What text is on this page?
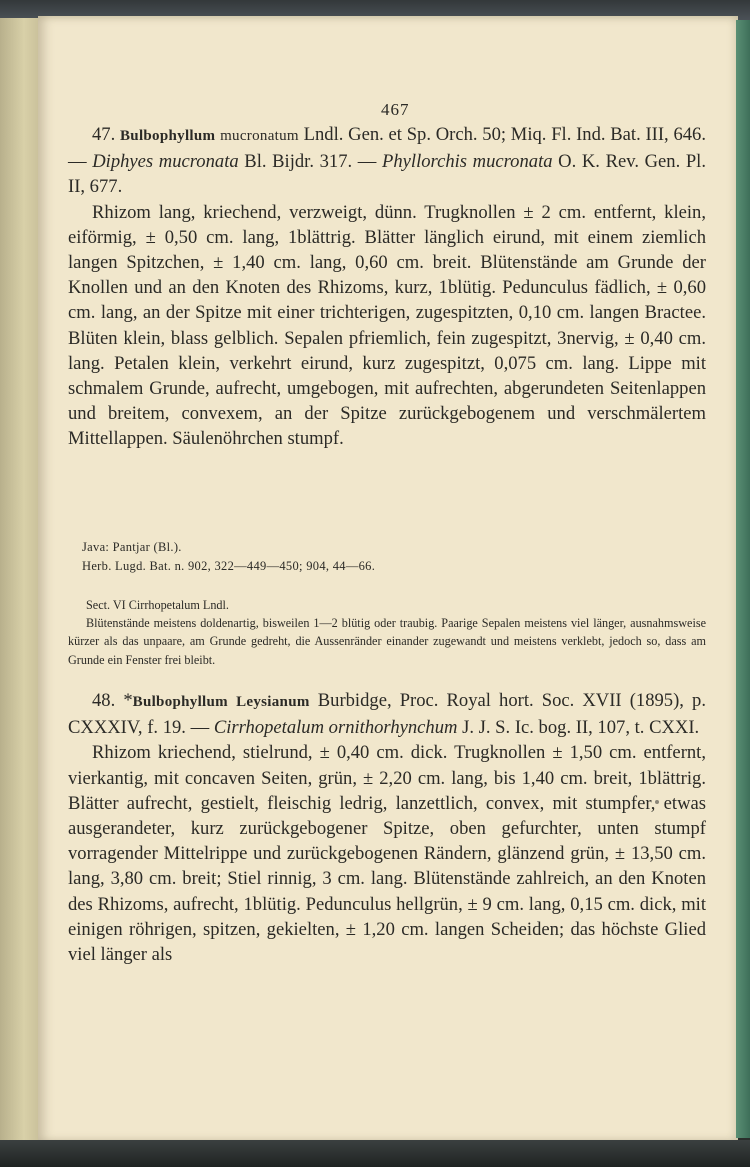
467

47. Bulbophyllum mucronatum Lndl. Gen. et Sp. Orch. 50; Miq. Fl. Ind. Bat. III, 646. — Diphyes mucronata Bl. Bijdr. 317. — Phyllorchis mucronata O. K. Rev. Gen. Pl. II, 677.

Rhizom lang, kriechend, verzweigt, dünn. Trugknollen ± 2 cm. entfernt, klein, eiförmig, ± 0,50 cm. lang, 1blättrig. Blätter länglich eirund, mit einem ziemlich langen Spitzchen, ± 1,40 cm. lang, 0,60 cm. breit. Blütenstände am Grunde der Knollen und an den Knoten des Rhizoms, kurz, 1blütig. Pedunculus fädlich, ± 0,60 cm. lang, an der Spitze mit einer trichterigen, zugespitzten, 0,10 cm. langen Bractee. Blüten klein, blass gelblich. Sepalen pfriemlich, fein zugespitzt, 3nervig, ± 0,40 cm. lang. Petalen klein, verkehrt eirund, kurz zugespitzt, 0,075 cm. lang. Lippe mit schmalem Grunde, aufrecht, umgebogen, mit aufrechten, abgerundeten Seitenlappen und breitem, convexem, an der Spitze zurückgebogenem und verschmälertem Mittellappen. Säulenöhrchen stumpf.

Java: Pantjar (Bl.).

Herb. Lugd. Bat. n. 902, 322—449—450; 904, 44—66.

Sect. VI Cirrhopetalum Lndl.

Blütenstände meistens doldenartig, bisweilen 1—2 blütig oder traubig. Paarige Sepalen meistens viel länger, ausnahmsweise kürzer als das unpaare, am Grunde gedreht, die Aussenränder einander zugewandt und meistens verklebt, jedoch so, dass am Grunde ein Fenster frei bleibt.

48. *Bulbophyllum Leysianum Burbidge, Proc. Royal hort. Soc. XVII (1895), p. CXXXIV, f. 19. — Cirrhopetalum ornithorhynchum J. J. S. Ic. bog. II, 107, t. CXXI.

Rhizom kriechend, stielrund, ± 0,40 cm. dick. Trugknollen ± 1,50 cm. entfernt, vierkantig, mit concaven Seiten, grün, ± 2,20 cm. lang, bis 1,40 cm. breit, 1blättrig. Blätter aufrecht, gestielt, fleischig ledrig, lanzettlich, convex, mit stumpfer, etwas ausgerandeter, kurz zurückgebogener Spitze, oben gefurchter, unten stumpf vorragender Mittelrippe und zurückgebogenen Rändern, glänzend grün, ± 13,50 cm. lang, 3,80 cm. breit; Stiel rinnig, 3 cm. lang. Blütenstände zahlreich, an den Knoten des Rhizoms, aufrecht, 1blütig. Pedunculus hellgrün, ± 9 cm. lang, 0,15 cm. dick, mit einigen röhrigen, spitzen, gekielten, ± 1,20 cm. langen Scheiden; das höchste Glied viel länger als
